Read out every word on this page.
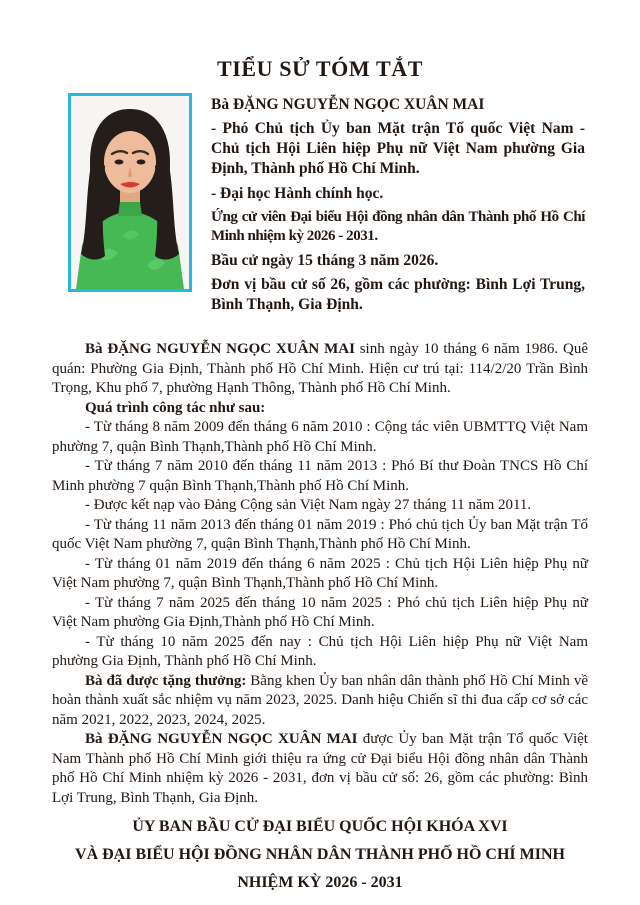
TIỂU SỬ TÓM TẮT
Bà ĐẶNG NGUYỄN NGỌC XUÂN MAI
- Phó Chủ tịch Ủy ban Mặt trận Tổ quốc Việt Nam - Chủ tịch Hội Liên hiệp Phụ nữ Việt Nam phường Gia Định, Thành phố Hồ Chí Minh.
- Đại học Hành chính học.
Ứng cử viên Đại biểu Hội đồng nhân dân Thành phố Hồ Chí Minh nhiệm kỳ 2026 - 2031.
Bầu cử ngày 15 tháng 3 năm 2026.
Đơn vị bầu cử số 26, gồm các phường: Bình Lợi Trung, Bình Thạnh, Gia Định.

Bà ĐẶNG NGUYỄN NGỌC XUÂN MAI sinh ngày 10 tháng 6 năm 1986. Quê quán: Phường Gia Định, Thành phố Hồ Chí Minh. Hiện cư trú tại: 114/2/20 Trần Bình Trọng, Khu phố 7, phường Hạnh Thông, Thành phố Hồ Chí Minh.

Quá trình công tác như sau:

- Từ tháng 8 năm 2009 đến tháng 6 năm 2010 : Cộng tác viên UBMTTQ Việt Nam phường 7, quận Bình Thạnh,Thành phố Hồ Chí Minh.

- Từ tháng 7 năm 2010 đến tháng 11 năm 2013 : Phó Bí thư Đoàn TNCS Hồ Chí Minh phường 7 quận Bình Thạnh,Thành phố Hồ Chí Minh.

- Được kết nạp vào Đảng Cộng sản Việt Nam ngày 27 tháng 11 năm 2011.

- Từ tháng 11 năm 2013 đến tháng 01 năm 2019 : Phó chủ tịch Ủy ban Mặt trận Tổ quốc Việt Nam phường 7, quận Bình Thạnh,Thành phố Hồ Chí Minh.

- Từ tháng 01 năm 2019 đến tháng 6 năm 2025 : Chủ tịch Hội Liên hiệp Phụ nữ Việt Nam phường 7, quận Bình Thạnh,Thành phố Hồ Chí Minh.

- Từ tháng 7 năm 2025 đến tháng 10 năm 2025 : Phó chủ tịch Liên hiệp Phụ nữ Việt Nam phường Gia Định,Thành phố Hồ Chí Minh.

- Từ tháng 10 năm 2025 đến nay : Chủ tịch Hội Liên hiệp Phụ nữ Việt Nam phường Gia Định, Thành phố Hồ Chí Minh.

Bà đã được tặng thưởng: Bằng khen Ủy ban nhân dân thành phố Hồ Chí Minh về hoàn thành xuất sắc nhiệm vụ năm 2023, 2025. Danh hiệu Chiến sĩ thi đua cấp cơ sở các năm 2021, 2022, 2023, 2024, 2025.

Bà ĐẶNG NGUYỄN NGỌC XUÂN MAI được Ủy ban Mặt trận Tổ quốc Việt Nam Thành phố Hồ Chí Minh giới thiệu ra ứng cử Đại biểu Hội đồng nhân dân Thành phố Hồ Chí Minh nhiệm kỳ 2026 - 2031, đơn vị bầu cử số: 26, gồm các phường: Bình Lợi Trung, Bình Thạnh, Gia Định.

ỦY BAN BẦU CỬ ĐẠI BIỂU QUỐC HỘI KHÓA XVI
VÀ ĐẠI BIỂU HỘI ĐỒNG NHÂN DÂN THÀNH PHỐ HỒ CHÍ MINH
NHIỆM KỲ 2026 - 2031
